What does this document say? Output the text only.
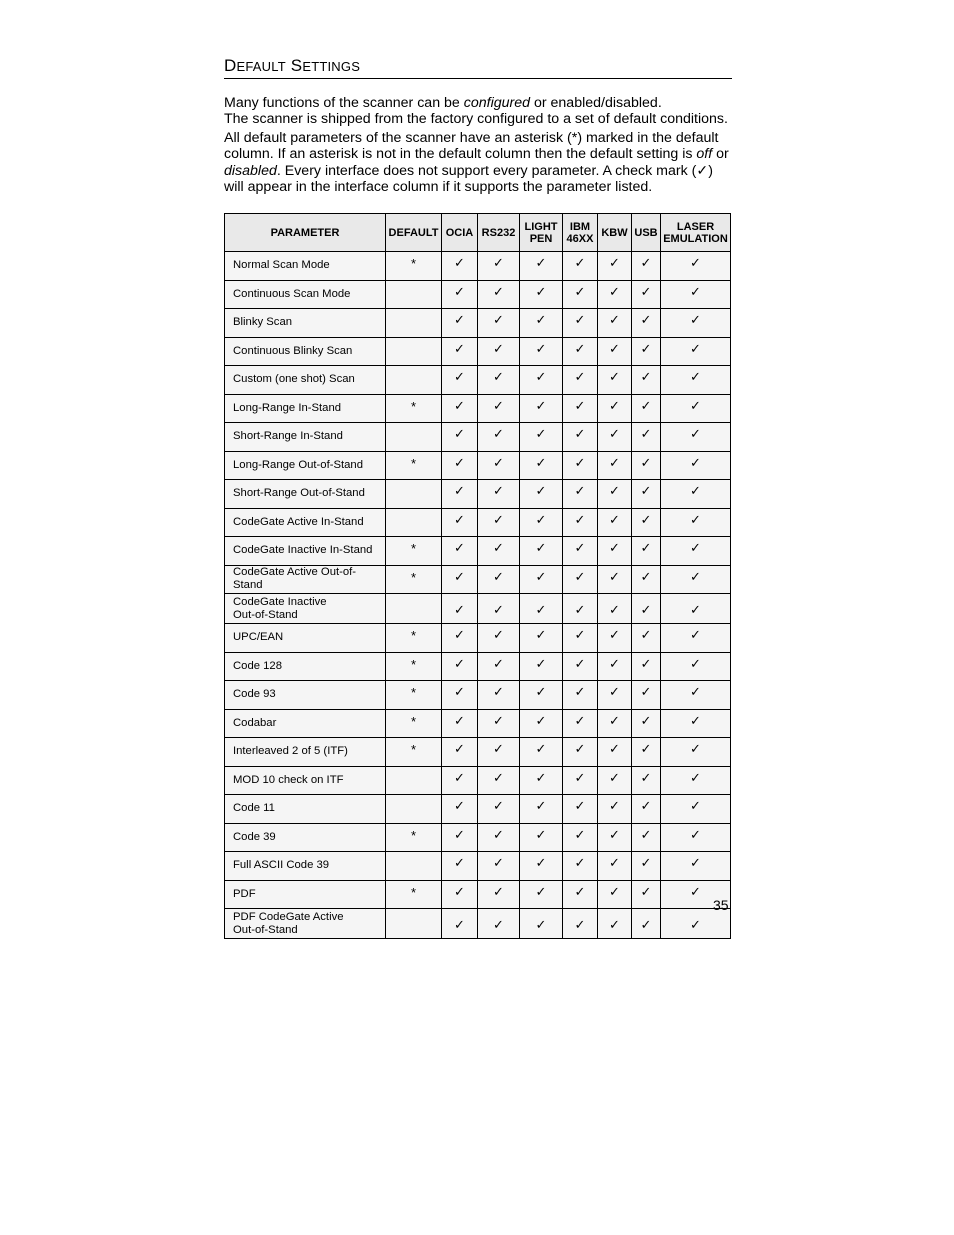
DEFAULT SETTINGS

Many functions of the scanner can be configured or enabled/disabled.

The scanner is shipped from the factory configured to a set of default conditions.

All default parameters of the scanner have an asterisk (*) marked in the default column. If an asterisk is not in the default column then the default setting is off or disabled. Every interface does not support every parameter. A check mark (✓) will appear in the interface column if it supports the parameter listed.

PARAMETER	DEFAULT	OCIA	RS232	LIGHT PEN	IBM 46XX	KBW	USB	LASER EMULATION
Normal Scan Mode	*	✓	✓	✓	✓	✓	✓	✓
Continuous Scan Mode		✓	✓	✓	✓	✓	✓	✓
Blinky Scan		✓	✓	✓	✓	✓	✓	✓
Continuous Blinky Scan		✓	✓	✓	✓	✓	✓	✓
Custom (one shot) Scan		✓	✓	✓	✓	✓	✓	✓
Long-Range In-Stand	*	✓	✓	✓	✓	✓	✓	✓
Short-Range In-Stand		✓	✓	✓	✓	✓	✓	✓
Long-Range Out-of-Stand	*	✓	✓	✓	✓	✓	✓	✓
Short-Range Out-of-Stand		✓	✓	✓	✓	✓	✓	✓
CodeGate Active In-Stand		✓	✓	✓	✓	✓	✓	✓
CodeGate Inactive In-Stand	*	✓	✓	✓	✓	✓	✓	✓
CodeGate Active Out-of-Stand	*	✓	✓	✓	✓	✓	✓	✓
CodeGate Inactive
Out-of-Stand		✓	✓	✓	✓	✓	✓	✓
UPC/EAN	*	✓	✓	✓	✓	✓	✓	✓
Code 128	*	✓	✓	✓	✓	✓	✓	✓
Code 93	*	✓	✓	✓	✓	✓	✓	✓
Codabar	*	✓	✓	✓	✓	✓	✓	✓
Interleaved 2 of 5 (ITF)	*	✓	✓	✓	✓	✓	✓	✓
MOD 10 check on ITF		✓	✓	✓	✓	✓	✓	✓
Code 11		✓	✓	✓	✓	✓	✓	✓
Code 39	*	✓	✓	✓	✓	✓	✓	✓
Full ASCII Code 39		✓	✓	✓	✓	✓	✓	✓
PDF	*	✓	✓	✓	✓	✓	✓	✓
PDF CodeGate Active
Out-of-Stand		✓	✓	✓	✓	✓	✓	✓
35
